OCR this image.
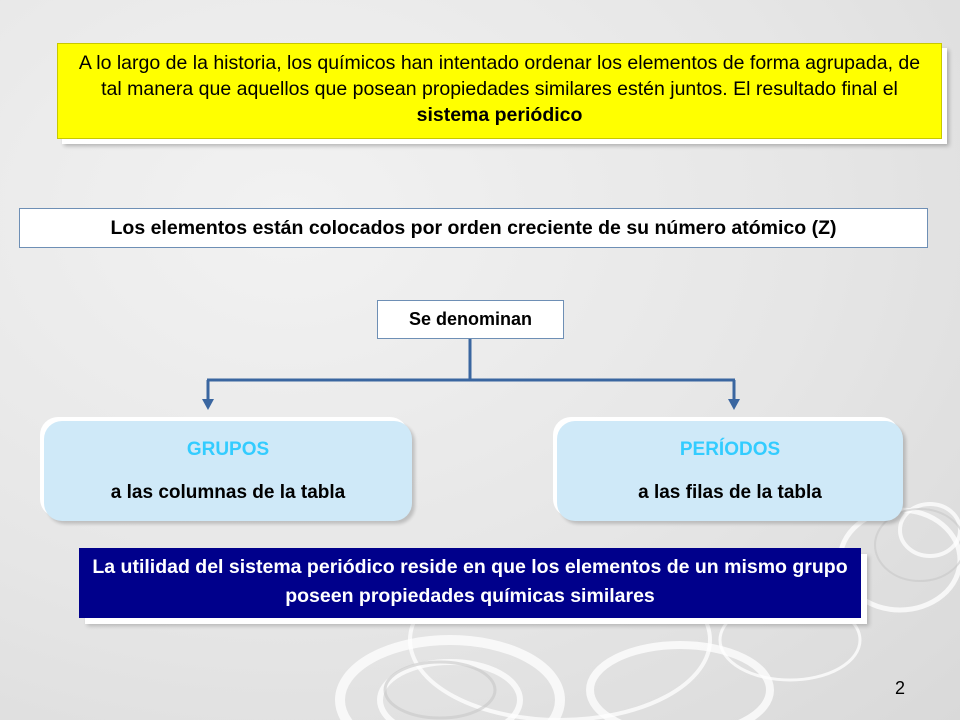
A lo largo de la historia, los químicos han intentado ordenar los elementos de forma agrupada, de tal manera que aquellos que posean propiedades similares estén juntos. El resultado final el sistema periódico
Los elementos están colocados por orden creciente de su número atómico (Z)
Se denominan
GRUPOS
a las columnas de la tabla
PERÍODOS
a las filas de la tabla
La utilidad del sistema periódico reside en que los elementos de un mismo grupo poseen propiedades químicas similares
2
